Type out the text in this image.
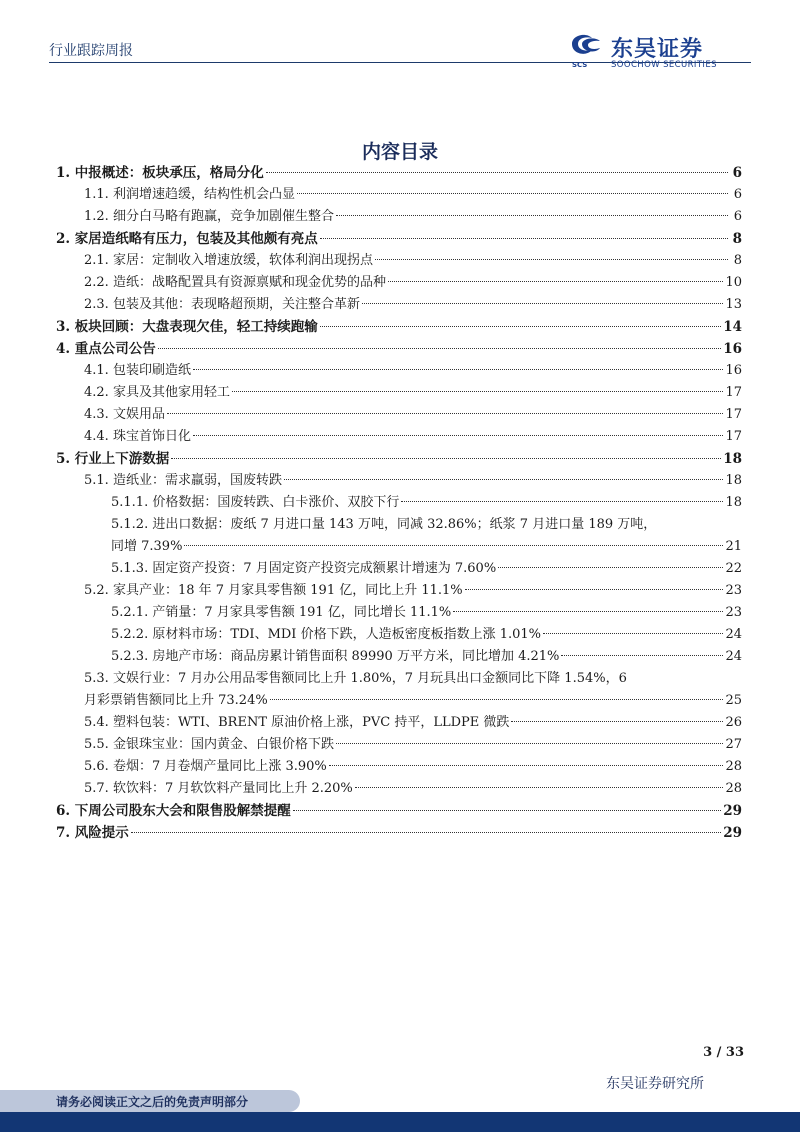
行业跟踪周报
SCS
东吴证券
SOOCHOW SECURITIES
内容目录
1. 中报概述：板块承压，格局分化	6
1.1. 利润增速趋缓，结构性机会凸显	6
1.2. 细分白马略有跑赢，竞争加剧催生整合	6
2. 家居造纸略有压力，包装及其他颇有亮点	8
2.1. 家居：定制收入增速放缓，软体利润出现拐点	8
2.2. 造纸：战略配置具有资源禀赋和现金优势的品种	10
2.3. 包装及其他：表现略超预期，关注整合革新	13
3. 板块回顾：大盘表现欠佳，轻工持续跑输	14
4. 重点公司公告	16
4.1. 包装印刷造纸	16
4.2. 家具及其他家用轻工	17
4.3. 文娱用品	17
4.4. 珠宝首饰日化	17
5. 行业上下游数据	18
5.1. 造纸业：需求羸弱，国废转跌	18
5.1.1. 价格数据：国废转跌、白卡涨价、双胶下行	18
5.1.2. 进出口数据：废纸 7 月进口量 143 万吨，同减 32.86%；纸浆 7 月进口量 189 万吨，
同增 7.39%	21
5.1.3. 固定资产投资：7 月固定资产投资完成额累计增速为 7.60%	22
5.2. 家具产业：18 年 7 月家具零售额 191 亿，同比上升 11.1%	23
5.2.1. 产销量：7 月家具零售额 191 亿，同比增长 11.1%	23
5.2.2. 原材料市场：TDI、MDI 价格下跌，人造板密度板指数上涨 1.01%	24
5.2.3. 房地产市场：商品房累计销售面积 89990 万平方米，同比增加 4.21%	24
5.3. 文娱行业：7 月办公用品零售额同比上升 1.80%，7 月玩具出口金额同比下降 1.54%，6
月彩票销售额同比上升 73.24%	25
5.4. 塑料包装：WTI、BRENT 原油价格上涨，PVC 持平，LLDPE 微跌	26
5.5. 金银珠宝业：国内黄金、白银价格下跌	27
5.6. 卷烟：7 月卷烟产量同比上涨 3.90%	28
5.7. 软饮料：7 月软饮料产量同比上升 2.20%	28
6. 下周公司股东大会和限售股解禁提醒	29
7. 风险提示	29
3 / 33
东吴证券研究所
请务必阅读正文之后的免责声明部分
